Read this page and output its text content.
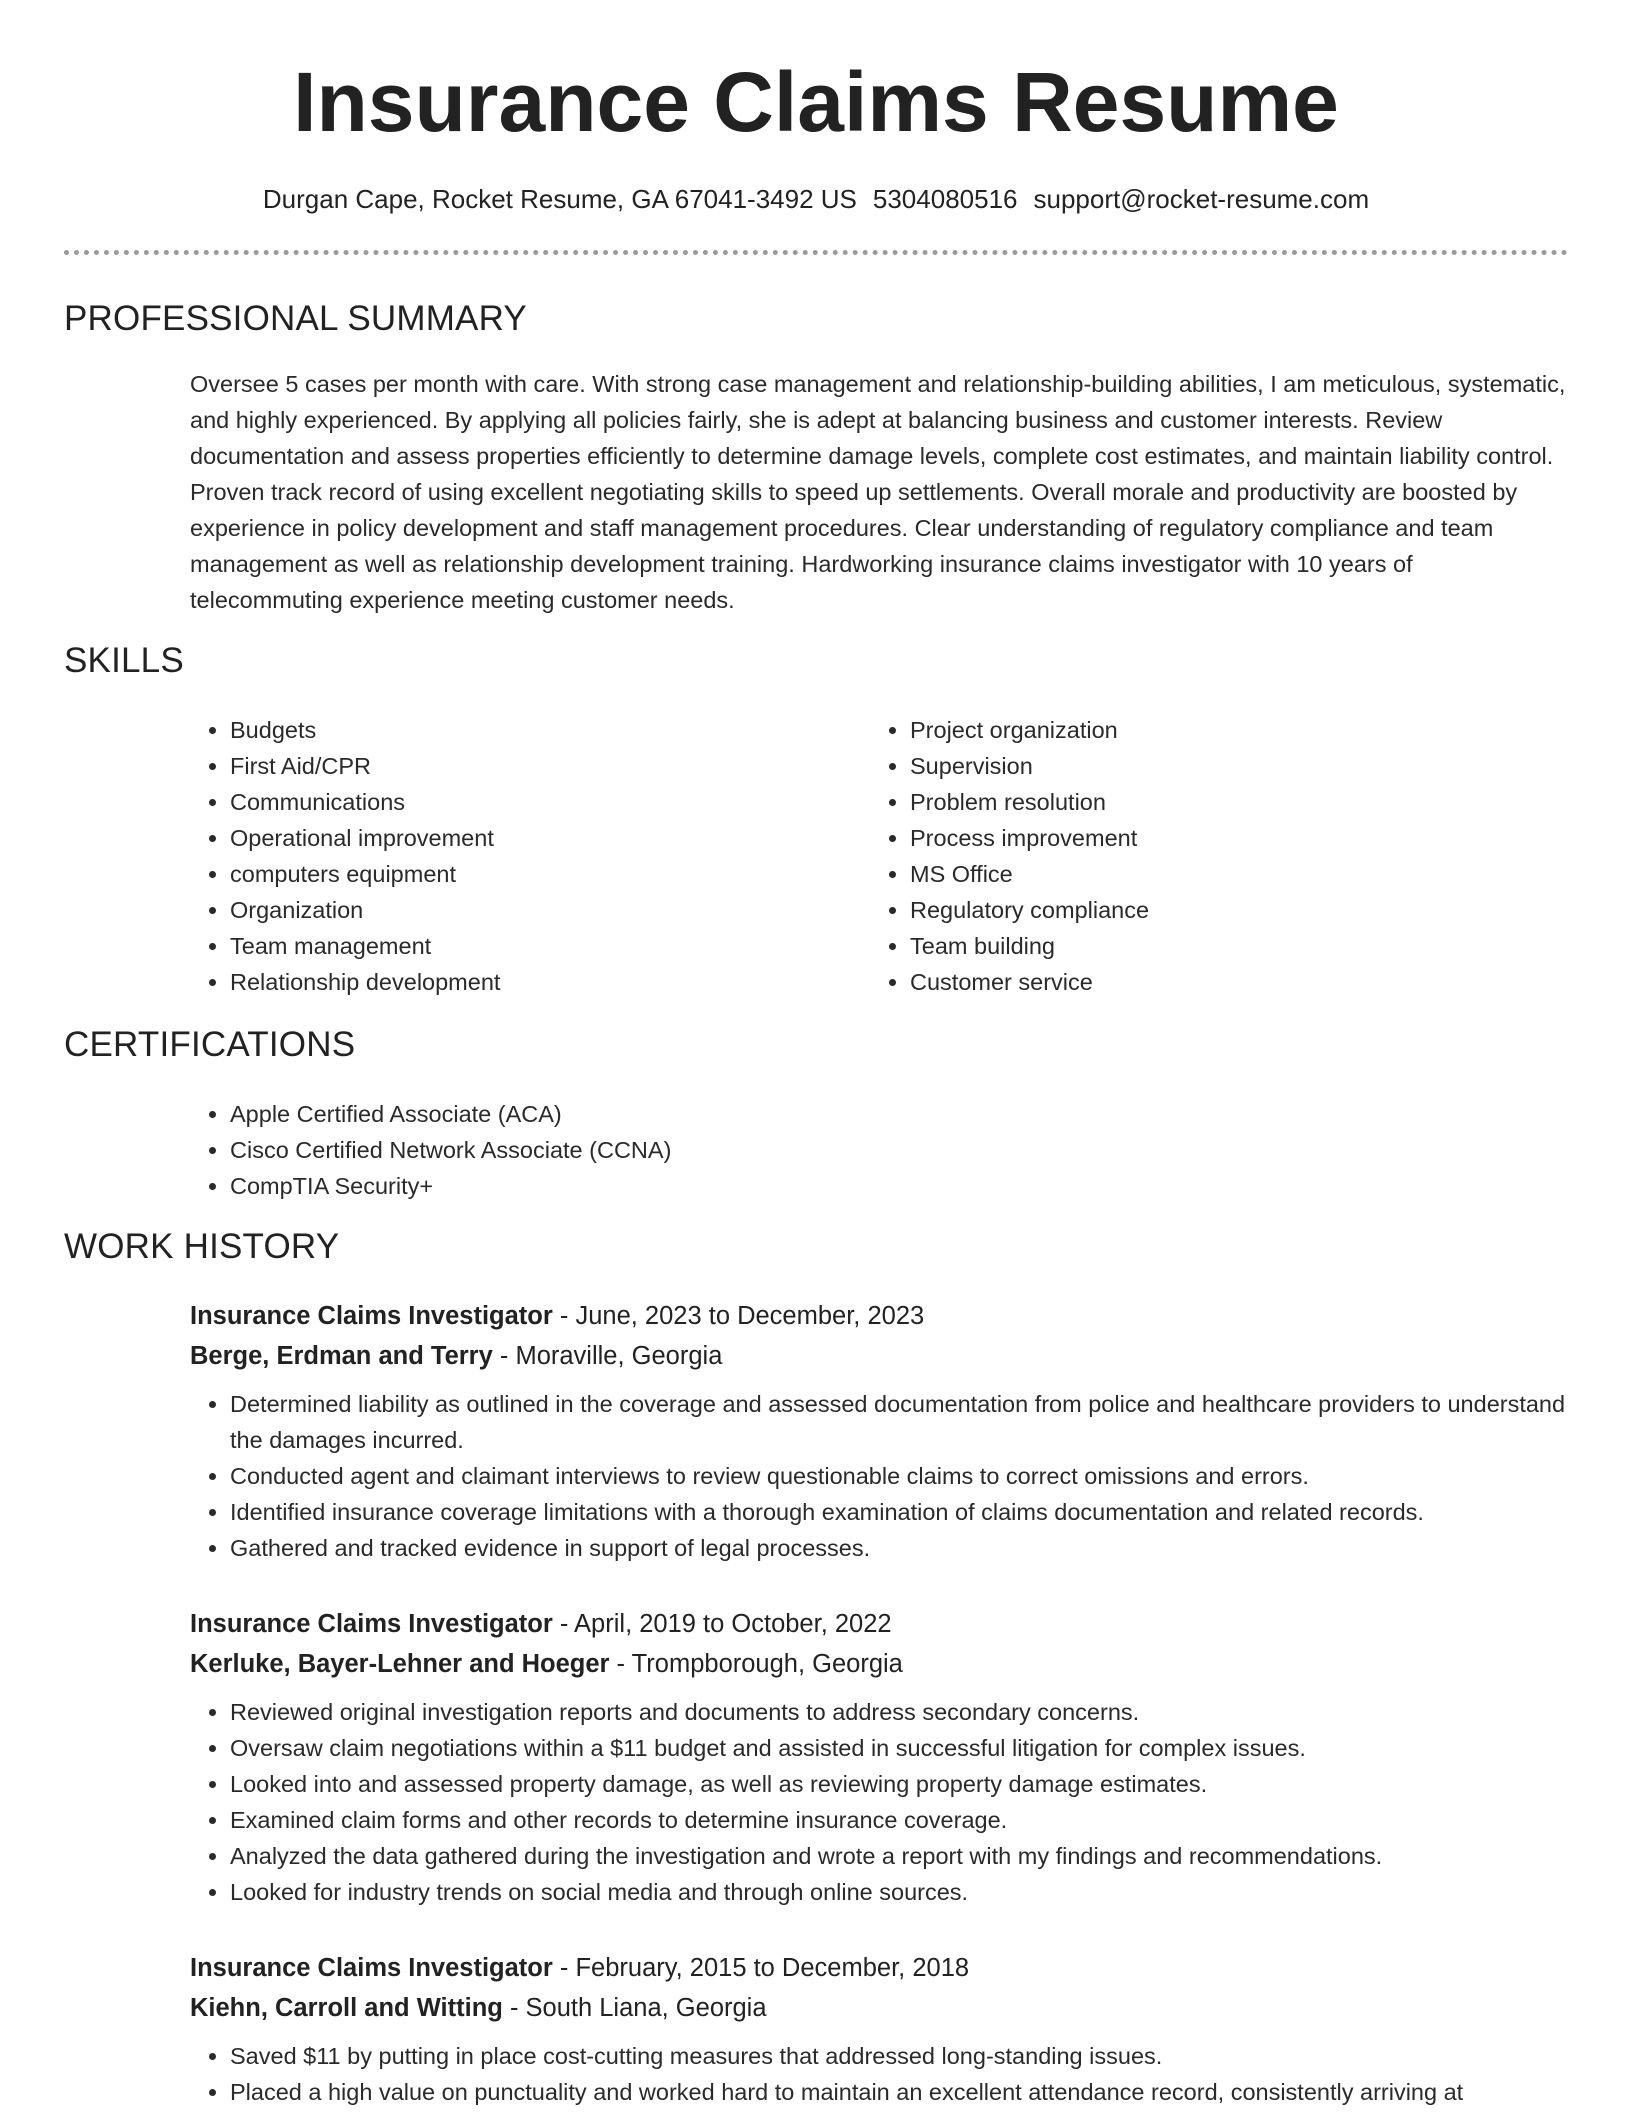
Insurance Claims Resume
Durgan Cape, Rocket Resume, GA 67041-3492 US 5304080516 support@rocket-resume.com
PROFESSIONAL SUMMARY
Oversee 5 cases per month with care. With strong case management and relationship-building abilities, I am meticulous, systematic, and highly experienced. By applying all policies fairly, she is adept at balancing business and customer interests. Review documentation and assess properties efficiently to determine damage levels, complete cost estimates, and maintain liability control. Proven track record of using excellent negotiating skills to speed up settlements. Overall morale and productivity are boosted by experience in policy development and staff management procedures. Clear understanding of regulatory compliance and team management as well as relationship development training. Hardworking insurance claims investigator with 10 years of telecommuting experience meeting customer needs.
SKILLS
• Budgets
• First Aid/CPR
• Communications
• Operational improvement
• computers equipment
• Organization
• Team management
• Relationship development
• Project organization
• Supervision
• Problem resolution
• Process improvement
• MS Office
• Regulatory compliance
• Team building
• Customer service
CERTIFICATIONS
• Apple Certified Associate (ACA)
• Cisco Certified Network Associate (CCNA)
• CompTIA Security+
WORK HISTORY
Insurance Claims Investigator - June, 2023 to December, 2023
Berge, Erdman and Terry - Moraville, Georgia
• Determined liability as outlined in the coverage and assessed documentation from police and healthcare providers to understand the damages incurred.
• Conducted agent and claimant interviews to review questionable claims to correct omissions and errors.
• Identified insurance coverage limitations with a thorough examination of claims documentation and related records.
• Gathered and tracked evidence in support of legal processes.
Insurance Claims Investigator - April, 2019 to October, 2022
Kerluke, Bayer-Lehner and Hoeger - Trompborough, Georgia
• Reviewed original investigation reports and documents to address secondary concerns.
• Oversaw claim negotiations within a $11 budget and assisted in successful litigation for complex issues.
• Looked into and assessed property damage, as well as reviewing property damage estimates.
• Examined claim forms and other records to determine insurance coverage.
• Analyzed the data gathered during the investigation and wrote a report with my findings and recommendations.
• Looked for industry trends on social media and through online sources.
Insurance Claims Investigator - February, 2015 to December, 2018
Kiehn, Carroll and Witting - South Liana, Georgia
• Saved $11 by putting in place cost-cutting measures that addressed long-standing issues.
• Placed a high value on punctuality and worked hard to maintain an excellent attendance record, consistently arriving at
